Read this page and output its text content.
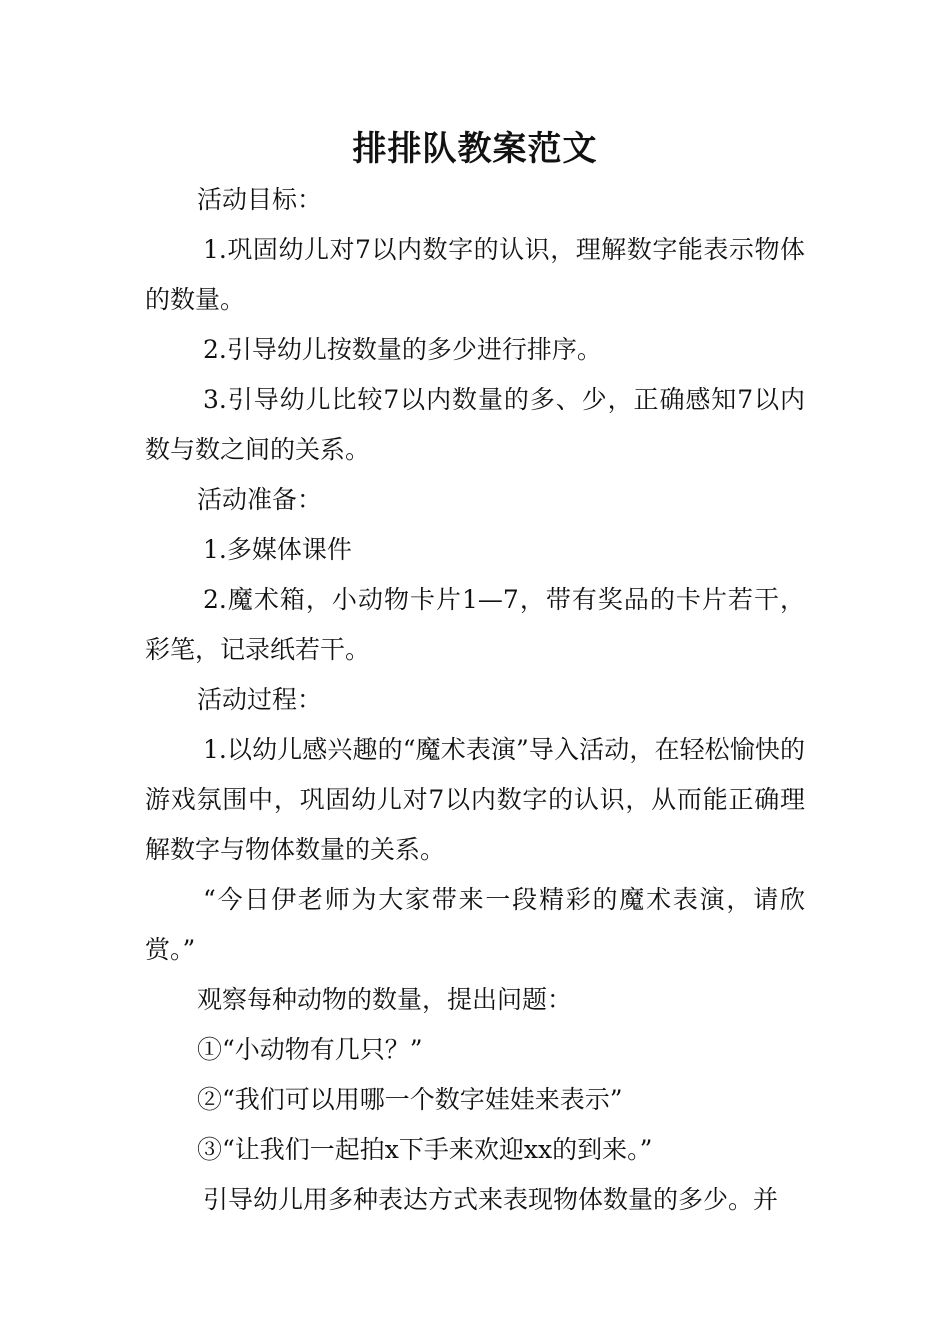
排排队教案范文

活动目标：

1.巩固幼儿对7以内数字的认识，理解数字能表示物体的数量。

2.引导幼儿按数量的多少进行排序。

3.引导幼儿比较7以内数量的多、少，正确感知7以内数与数之间的关系。

活动准备：

1.多媒体课件

2.魔术箱，小动物卡片1—7，带有奖品的卡片若干，彩笔，记录纸若干。

活动过程：

1.以幼儿感兴趣的“魔术表演”导入活动，在轻松愉快的游戏氛围中，巩固幼儿对7以内数字的认识，从而能正确理解数字与物体数量的关系。

“今日伊老师为大家带来一段精彩的魔术表演，请欣赏。”

观察每种动物的数量，提出问题：

①“小动物有几只？”

②“我们可以用哪一个数字娃娃来表示”

③“让我们一起拍x下手来欢迎xx的到来。”

引导幼儿用多种表达方式来表现物体数量的多少。并
